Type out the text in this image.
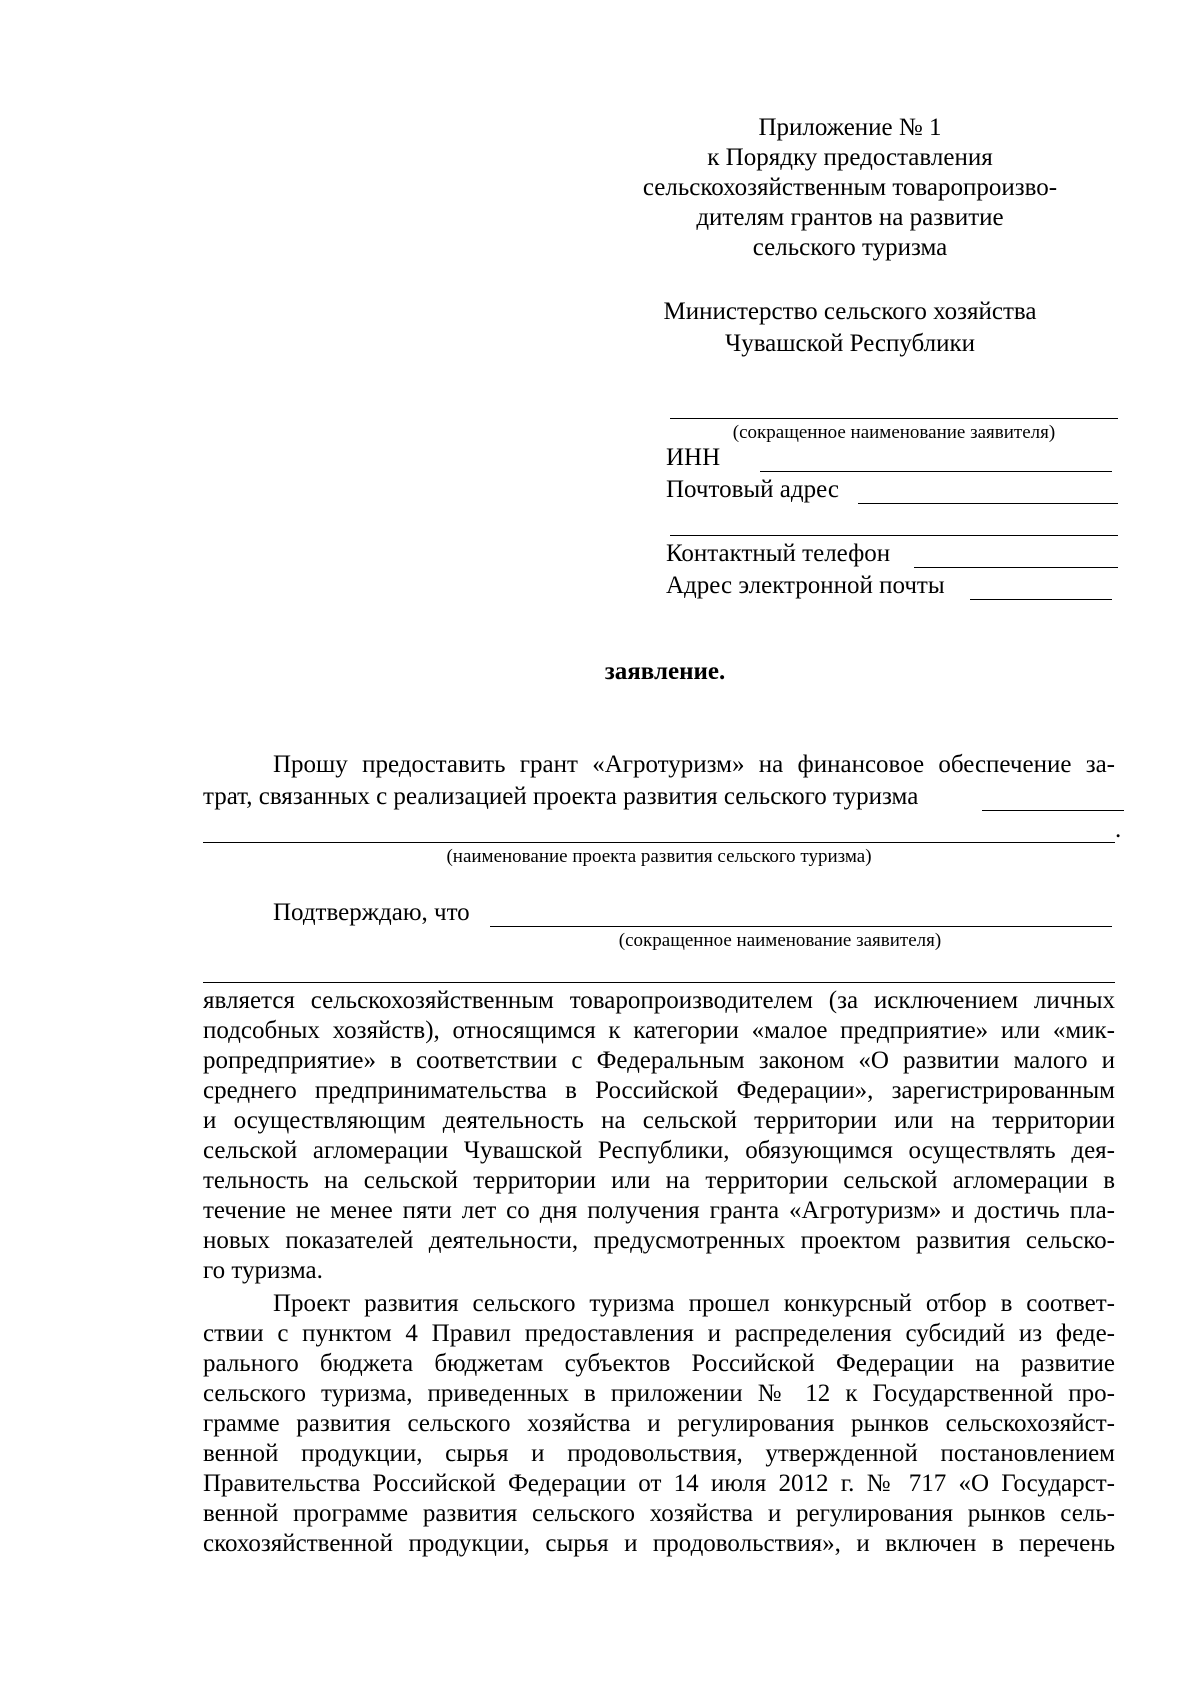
Приложение № 1
к Порядку предоставления
сельскохозяйственным товаропроизво-
дителям грантов на развитие
сельского туризма
Министерство сельского хозяйства
Чувашской Республики
(сокращенное наименование заявителя)
ИНН
Почтовый адрес
Контактный телефон
Адрес электронной почты
заявление.
Прошу предоставить грант «Агротуризм» на финансовое обеспечение за-
трат, связанных с реализацией проекта развития сельского туризма
.
(наименование проекта развития сельского туризма)
Подтверждаю, что
(сокращенное наименование заявителя)
является сельскохозяйственным товаропроизводителем (за исключением личных
подсобных хозяйств), относящимся к категории «малое предприятие» или «мик-
ропредприятие» в соответствии с Федеральным законом «О развитии малого и
среднего предпринимательства в Российской Федерации», зарегистрированным
и осуществляющим деятельность на сельской территории или на территории
сельской агломерации Чувашской Республики, обязующимся осуществлять дея-
тельность на сельской территории или на территории сельской агломерации в
течение не менее пяти лет со дня получения гранта «Агротуризм» и достичь пла-
новых показателей деятельности, предусмотренных проектом развития сельско-
го туризма.
Проект развития сельского туризма прошел конкурсный отбор в соответ-
ствии с пунктом 4 Правил предоставления и распределения субсидий из феде-
рального бюджета бюджетам субъектов Российской Федерации на развитие
сельского туризма, приведенных в приложении № 12 к Государственной про-
грамме развития сельского хозяйства и регулирования рынков сельскохозяйст-
венной продукции, сырья и продовольствия, утвержденной постановлением
Правительства Российской Федерации от 14 июля 2012 г. № 717 «О Государст-
венной программе развития сельского хозяйства и регулирования рынков сель-
скохозяйственной продукции, сырья и продовольствия», и включен в перечень
